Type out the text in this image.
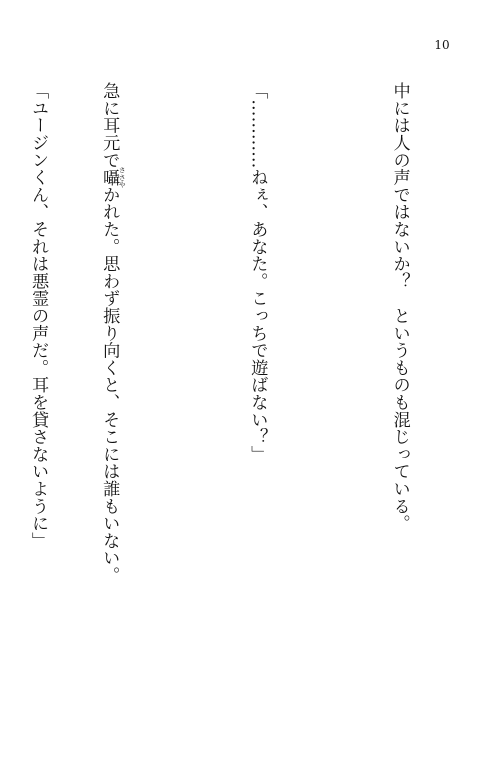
10

中には人の声ではないか？　というものも混じっている。

「…………ねぇ、あなた。こっちで遊ばない？」

急に耳元で囁 ささやかれた。思わず振り向くと、そこには誰もいない。

「ユージンくん、それは悪霊の声だ。耳を貸さないように」
